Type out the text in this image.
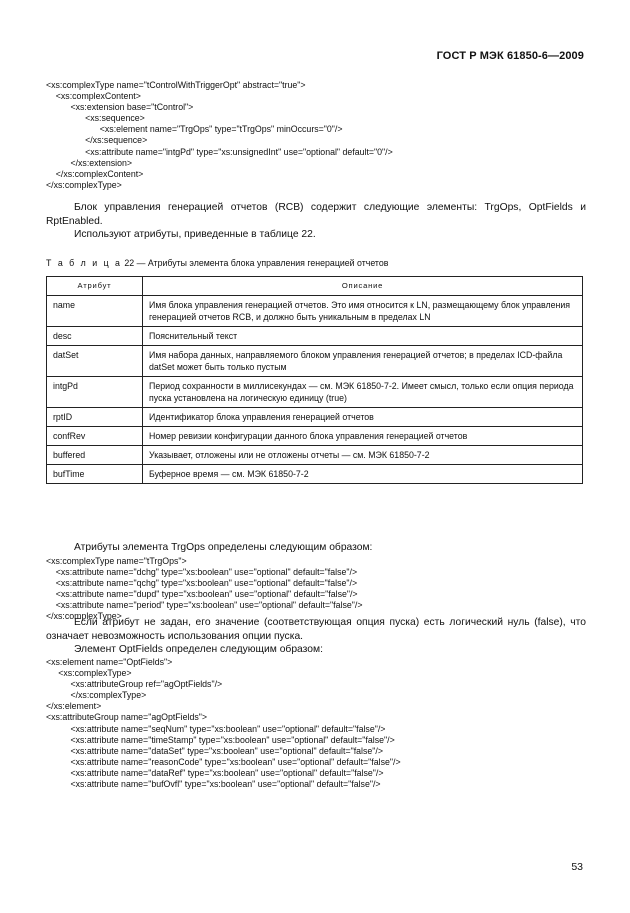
ГОСТ Р МЭК 61850-6—2009
<xs:complexType name="tControlWithTriggerOpt" abstract="true">
<xs:complexContent>
<xs:extension base="tControl">
<xs:sequence>
<xs:element name="TrgOps" type="tTrgOps" minOccurs="0"/>
</xs:sequence>
<xs:attribute name="intgPd" type="xs:unsignedInt" use="optional" default="0"/>
</xs:extension>
</xs:complexContent>
</xs:complexType>
Блок управления генерацией отчетов (RCB) содержит следующие элементы: TrgOps, OptFields и RptEnabled.
Используют атрибуты, приведенные в таблице 22.
Т а б л и ц а 22 — Атрибуты элемента блока управления генерацией отчетов
Атрибут	Описание
name	Имя блока управления генерацией отчетов. Это имя относится к LN, размещающему блок управления генерацией отчетов RCB, и должно быть уникальным в пределах LN
desc	Пояснительный текст
datSet	Имя набора данных, направляемого блоком управления генерацией отчетов; в пределах ICD-файла datSet может быть только пустым
intgPd	Период сохранности в миллисекундах — см. МЭК 61850-7-2. Имеет смысл, только если опция периода пуска установлена на логическую единицу (true)
rptID	Идентификатор блока управления генерацией отчетов
confRev	Номер ревизии конфигурации данного блока управления генерацией отчетов
buffered	Указывает, отложены или не отложены отчеты — см. МЭК 61850-7-2
bufTime	Буферное время — см. МЭК 61850-7-2
Атрибуты элемента TrgOps определены следующим образом:
<xs:complexType name="tTrgOps">
<xs:attribute name="dchg" type="xs:boolean" use="optional" default="false"/>
<xs:attribute name="qchg" type="xs:boolean" use="optional" default="false"/>
<xs:attribute name="dupd" type="xs:boolean" use="optional" default="false"/>
<xs:attribute name="period" type="xs:boolean" use="optional" default="false"/>
</xs:complexType>
Если атрибут не задан, его значение (соответствующая опция пуска) есть логический нуль (false), что означает невозможность использования опции пуска.
Элемент OptFields определен следующим образом:
<xs:element name="OptFields">
<xs:complexType>
<xs:attributeGroup ref="agOptFields"/>
</xs:complexType>
</xs:element>
<xs:attributeGroup name="agOptFields">
<xs:attribute name="seqNum" type="xs:boolean" use="optional" default="false"/>
<xs:attribute name="timeStamp" type="xs:boolean" use="optional" default="false"/>
<xs:attribute name="dataSet" type="xs:boolean" use="optional" default="false"/>
<xs:attribute name="reasonCode" type="xs:boolean" use="optional" default="false"/>
<xs:attribute name="dataRef" type="xs:boolean" use="optional" default="false"/>
<xs:attribute name="bufOvfl" type="xs:boolean" use="optional" default="false"/>
53
